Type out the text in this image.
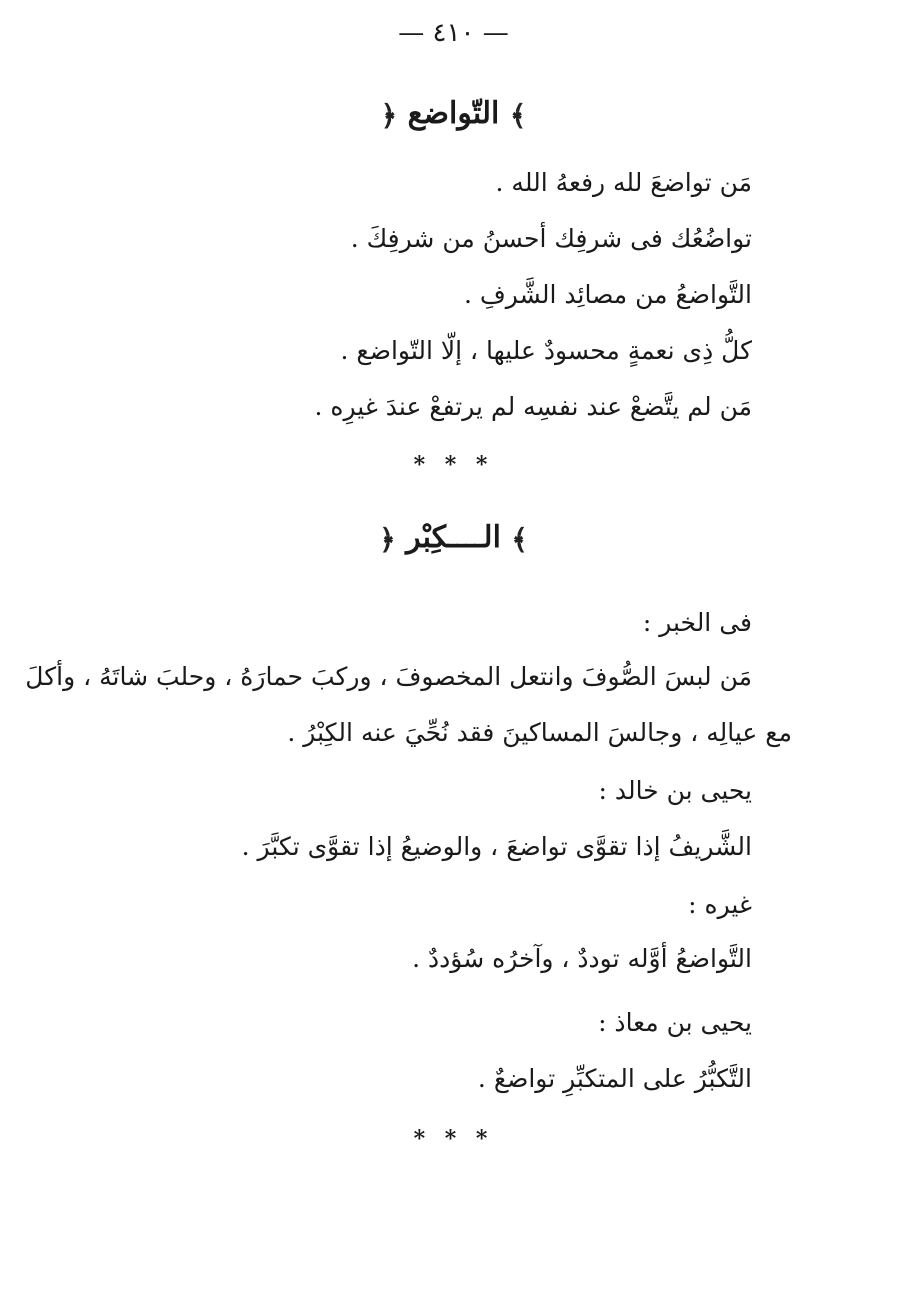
— ٤١٠ —
﴾ التّواضع ﴿
مَن تواضعَ لله رفعهُ الله .
تواضُعُك فى شرفِك أحسنُ من شرفِكَ .
التَّواضعُ من مصائِد الشَّرفِ .
كلُّ ذِى نعمةٍ محسودٌ عليها ، إلّا التّواضع .
مَن لم يتَّضعْ عند نفسِه لم يرتفعْ عندَ غيرِه .
* * *
﴾ الــــكِبْر ﴿
فى الخبر :
مَن لبسَ الصُّوفَ وانتعل المخصوفَ ، وركبَ حمارَهُ ، وحلبَ شاتَهُ ، وأكلَ
مع عيالِه ، وجالسَ المساكينَ فقد نُحِّيَ عنه الكِبْرُ .
يحيى بن خالد :
الشَّريفُ إذا تقوَّى تواضعَ ، والوضيعُ إذا تقوَّى تكبَّرَ .
غيره :
التَّواضعُ أوَّله توددٌ ، وآخرُه سُؤددٌ .
يحيى بن معاذ :
التَّكبُّرُ على المتكبِّرِ تواضعٌ .
* * *
